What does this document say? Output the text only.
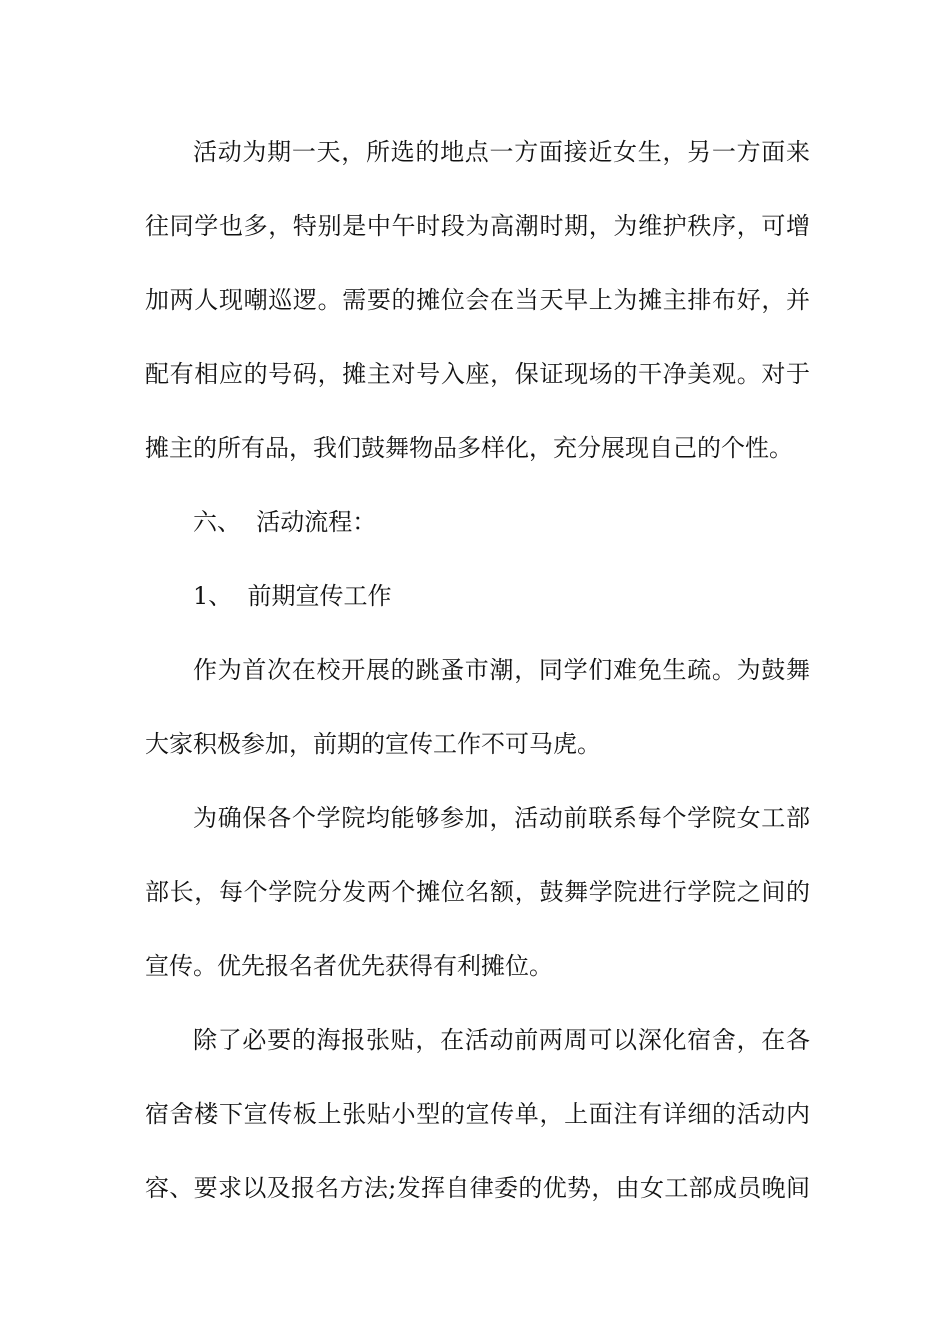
活动为期一天，所选的地点一方面接近女生，另一方面来
往同学也多，特别是中午时段为高潮时期，为维护秩序，可增
加两人现嘲巡逻。需要的摊位会在当天早上为摊主排布好，并
配有相应的号码，摊主对号入座，保证现场的干净美观。对于
摊主的所有品，我们鼓舞物品多样化，充分展现自己的个性。
六、  活动流程：
1、  前期宣传工作
作为首次在校开展的跳蚤市潮，同学们难免生疏。为鼓舞
大家积极参加，前期的宣传工作不可马虎。
为确保各个学院均能够参加，活动前联系每个学院女工部
部长，每个学院分发两个摊位名额，鼓舞学院进行学院之间的
宣传。优先报名者优先获得有利摊位。
除了必要的海报张贴，在活动前两周可以深化宿舍，在各
宿舍楼下宣传板上张贴小型的宣传单，上面注有详细的活动内
容、要求以及报名方法;发挥自律委的优势，由女工部成员晚间
